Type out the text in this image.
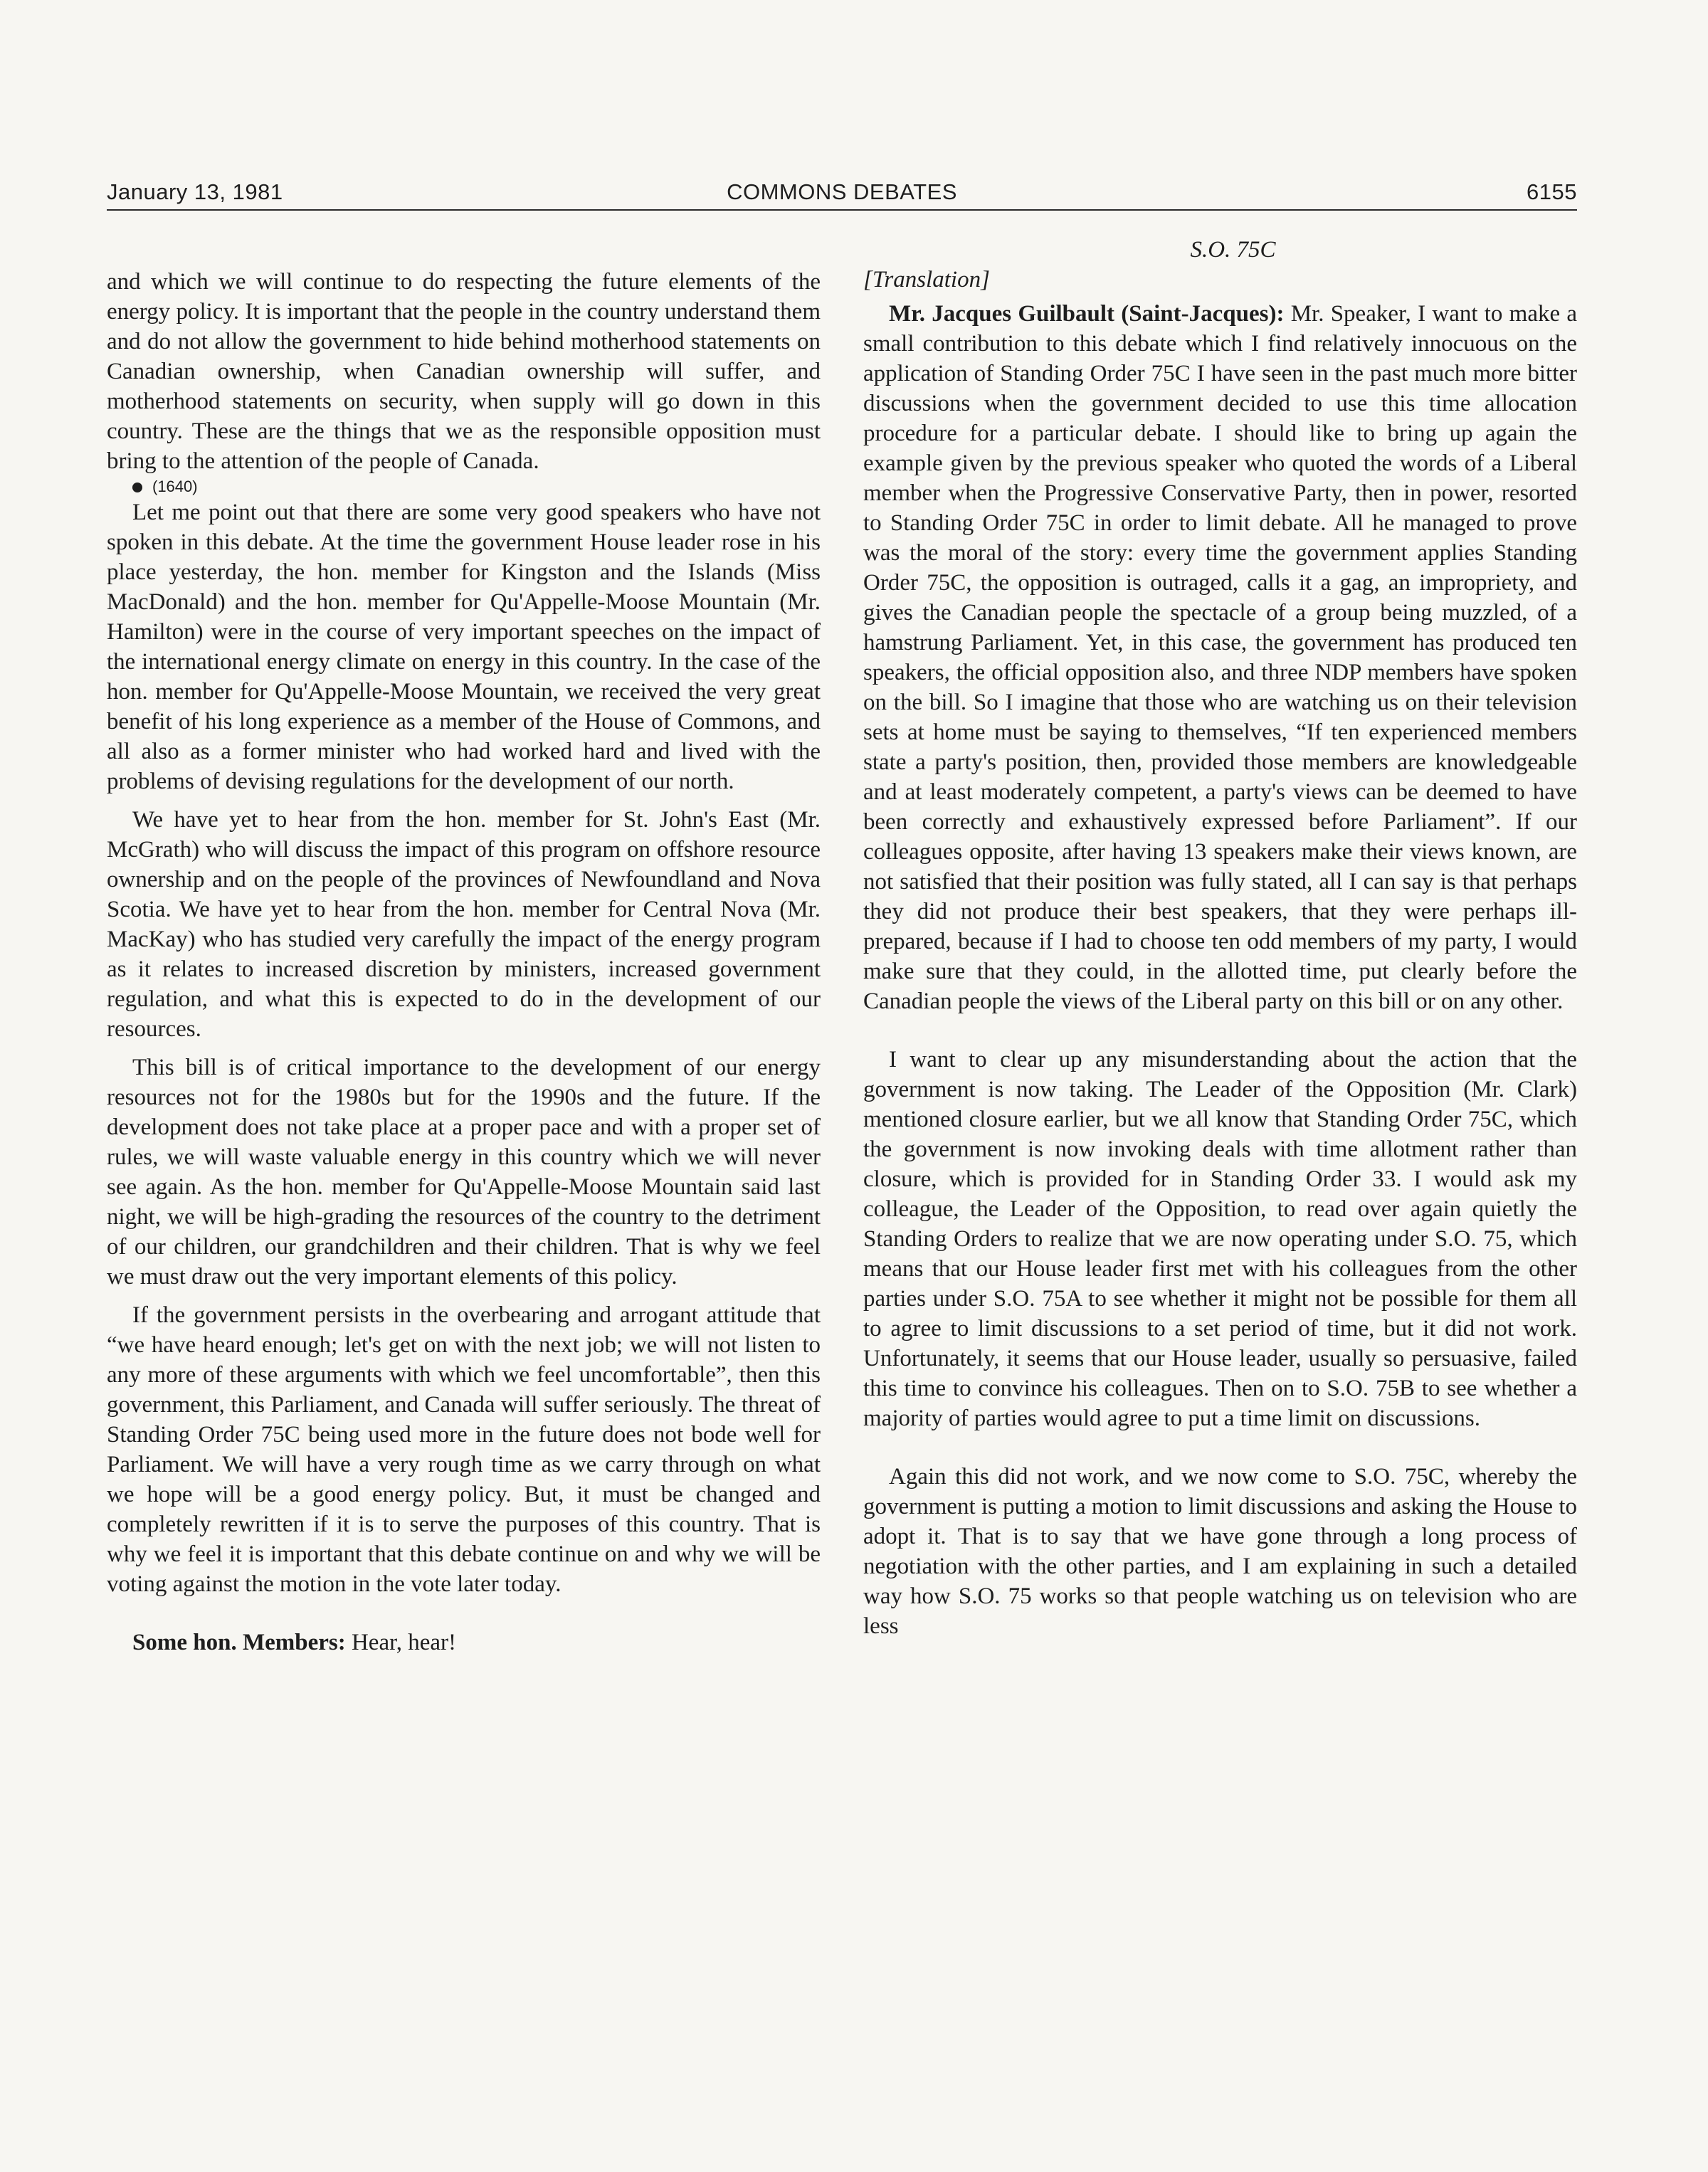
January 13, 1981	COMMONS DEBATES	6155

and which we will continue to do respecting the future elements of the energy policy. It is important that the people in the country understand them and do not allow the government to hide behind motherhood statements on Canadian ownership, when Canadian ownership will suffer, and motherhood statements on security, when supply will go down in this country. These are the things that we as the responsible opposition must bring to the attention of the people of Canada.

(1640)

Let me point out that there are some very good speakers who have not spoken in this debate. At the time the government House leader rose in his place yesterday, the hon. member for Kingston and the Islands (Miss MacDonald) and the hon. member for Qu'Appelle-Moose Mountain (Mr. Hamilton) were in the course of very important speeches on the impact of the international energy climate on energy in this country. In the case of the hon. member for Qu'Appelle-Moose Mountain, we received the very great benefit of his long experience as a member of the House of Commons, and all also as a former minister who had worked hard and lived with the problems of devising regulations for the development of our north.

We have yet to hear from the hon. member for St. John's East (Mr. McGrath) who will discuss the impact of this program on offshore resource ownership and on the people of the provinces of Newfoundland and Nova Scotia. We have yet to hear from the hon. member for Central Nova (Mr. MacKay) who has studied very carefully the impact of the energy program as it relates to increased discretion by ministers, increased government regulation, and what this is expected to do in the development of our resources.

This bill is of critical importance to the development of our energy resources not for the 1980s but for the 1990s and the future. If the development does not take place at a proper pace and with a proper set of rules, we will waste valuable energy in this country which we will never see again. As the hon. member for Qu'Appelle-Moose Mountain said last night, we will be high-grading the resources of the country to the detriment of our children, our grandchildren and their children. That is why we feel we must draw out the very important elements of this policy.

If the government persists in the overbearing and arrogant attitude that “we have heard enough; let's get on with the next job; we will not listen to any more of these arguments with which we feel uncomfortable”, then this government, this Parliament, and Canada will suffer seriously. The threat of Standing Order 75C being used more in the future does not bode well for Parliament. We will have a very rough time as we carry through on what we hope will be a good energy policy. But, it must be changed and completely rewritten if it is to serve the purposes of this country. That is why we feel it is important that this debate continue on and why we will be voting against the motion in the vote later today.

Some hon. Members: Hear, hear!

S.O. 75C

[Translation]

Mr. Jacques Guilbault (Saint-Jacques): Mr. Speaker, I want to make a small contribution to this debate which I find relatively innocuous on the application of Standing Order 75C I have seen in the past much more bitter discussions when the government decided to use this time allocation procedure for a particular debate. I should like to bring up again the example given by the previous speaker who quoted the words of a Liberal member when the Progressive Conservative Party, then in power, resorted to Standing Order 75C in order to limit debate. All he managed to prove was the moral of the story: every time the government applies Standing Order 75C, the opposition is outraged, calls it a gag, an impropriety, and gives the Canadian people the spectacle of a group being muzzled, of a hamstrung Parliament. Yet, in this case, the government has produced ten speakers, the official opposition also, and three NDP members have spoken on the bill. So I imagine that those who are watching us on their television sets at home must be saying to themselves, “If ten experienced members state a party's position, then, provided those members are knowledgeable and at least moderately competent, a party's views can be deemed to have been correctly and exhaustively expressed before Parliament”. If our colleagues opposite, after having 13 speakers make their views known, are not satisfied that their position was fully stated, all I can say is that perhaps they did not produce their best speakers, that they were perhaps ill-prepared, because if I had to choose ten odd members of my party, I would make sure that they could, in the allotted time, put clearly before the Canadian people the views of the Liberal party on this bill or on any other.

I want to clear up any misunderstanding about the action that the government is now taking. The Leader of the Opposition (Mr. Clark) mentioned closure earlier, but we all know that Standing Order 75C, which the government is now invoking deals with time allotment rather than closure, which is provided for in Standing Order 33. I would ask my colleague, the Leader of the Opposition, to read over again quietly the Standing Orders to realize that we are now operating under S.O. 75, which means that our House leader first met with his colleagues from the other parties under S.O. 75A to see whether it might not be possible for them all to agree to limit discussions to a set period of time, but it did not work. Unfortunately, it seems that our House leader, usually so persuasive, failed this time to convince his colleagues. Then on to S.O. 75B to see whether a majority of parties would agree to put a time limit on discussions.

Again this did not work, and we now come to S.O. 75C, whereby the government is putting a motion to limit discussions and asking the House to adopt it. That is to say that we have gone through a long process of negotiation with the other parties, and I am explaining in such a detailed way how S.O. 75 works so that people watching us on television who are less
